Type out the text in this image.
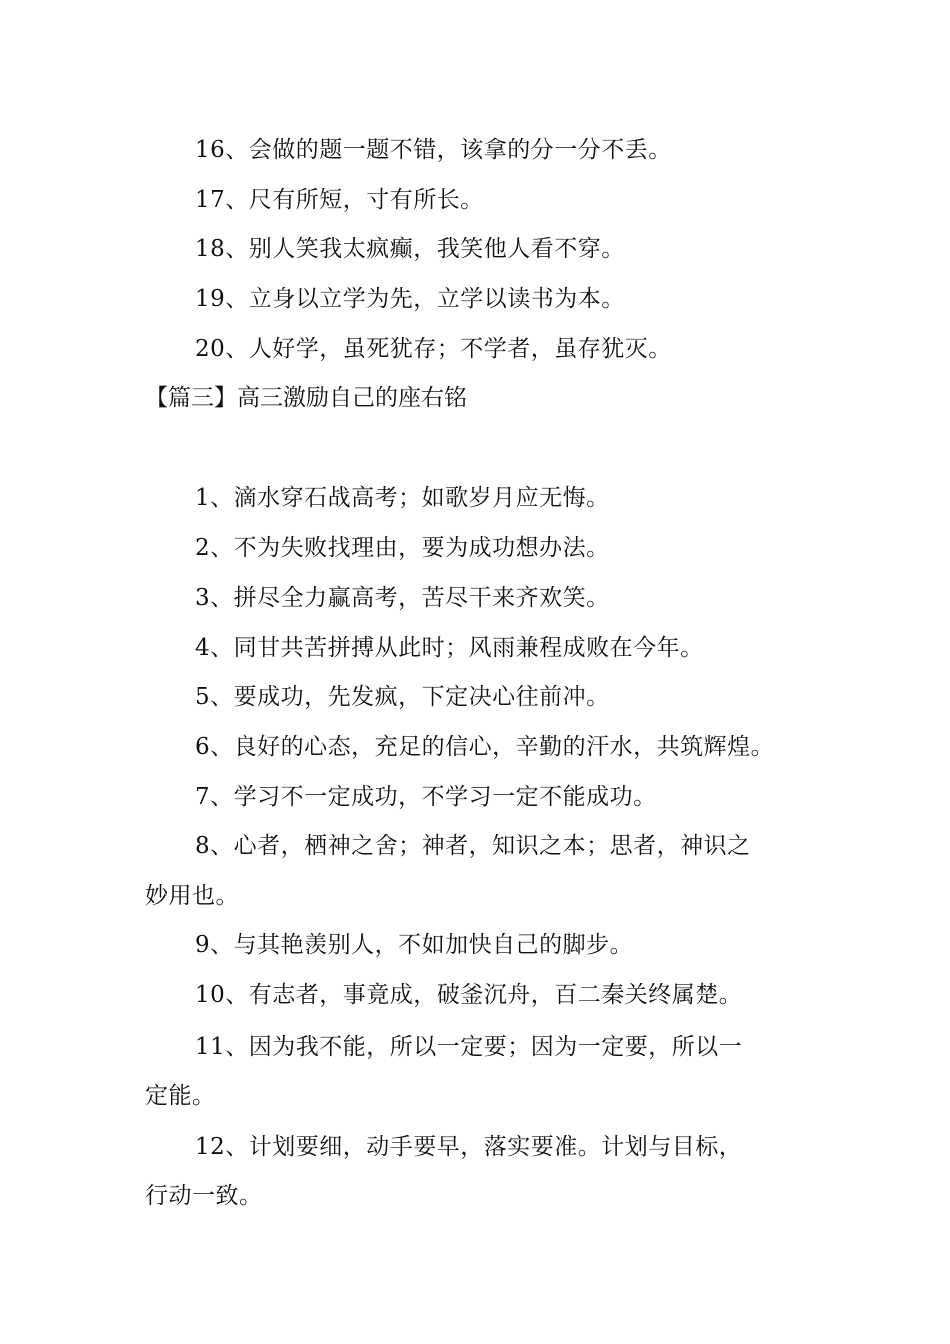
16、会做的题一题不错，该拿的分一分不丢。
17、尺有所短，寸有所长。
18、别人笑我太疯癫，我笑他人看不穿。
19、立身以立学为先，立学以读书为本。
20、人好学，虽死犹存；不学者，虽存犹灭。
【篇三】高三激励自己的座右铭
1、滴水穿石战高考；如歌岁月应无悔。
2、不为失败找理由，要为成功想办法。
3、拼尽全力赢高考，苦尽干来齐欢笑。
4、同甘共苦拼搏从此时；风雨兼程成败在今年。
5、要成功，先发疯，下定决心往前冲。
6、良好的心态，充足的信心，辛勤的汗水，共筑辉煌。
7、学习不一定成功，不学习一定不能成功。
8、心者，栖神之舍；神者，知识之本；思者，神识之
妙用也。
9、与其艳羡别人，不如加快自己的脚步。
10、有志者，事竟成，破釜沉舟，百二秦关终属楚。
11、因为我不能，所以一定要；因为一定要，所以一
定能。
12、计划要细，动手要早，落实要准。计划与目标，
行动一致。
